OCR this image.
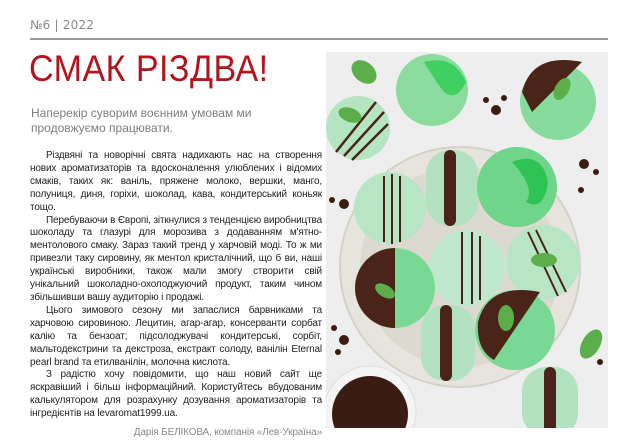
№6 | 2022
СМАК РІЗДВА!
Наперекір суворим воєнним умовам ми продовжуємо працювати.

Різдвяні та новорічні свята надихають нас на створення нових ароматизаторів та вдосконалення улюблених і відомих смаків, таких як: ваніль, пряжене молоко, вершки, манго, полуниця, диня, горіхи, шоколад, кава, кондитерський коньяк тощо.

Перебуваючи в Європі, зіткнулися з тенденцією виробництва шоколаду та глазурі для морозива з додаванням м'ятно-ментолового смаку. Зараз такий тренд у харчовій моді. То ж ми привезли таку сировину, як ментол кристалічний, що б ви, наші українські виробники, також мали змогу створити свій унікальний шоколадно-охолоджуючий продукт, таким чином збільшивши вашу аудиторію і продажі.

Цього зимового сезону ми запаслися барвниками та харчовою сировиною. Лецитин, агар-агар, консерванти сорбат калію та бензоат; підсолоджувачі кондитерські, сорбіт, мальтодекстрини та декстроза, екстракт солоду, ванілін Eternal pearl brand та етилванілін, молочна кислота.

З радістю хочу повідомити, що наш новий сайт ще яскравіший і більш інформаційний. Користуйтесь вбудованим калькулятором для розрахунку дозування ароматизаторів та інгредієнтів на levaromat1999.ua.

Дарія БЕЛІКОВА, компанія «Лев-Україна»
